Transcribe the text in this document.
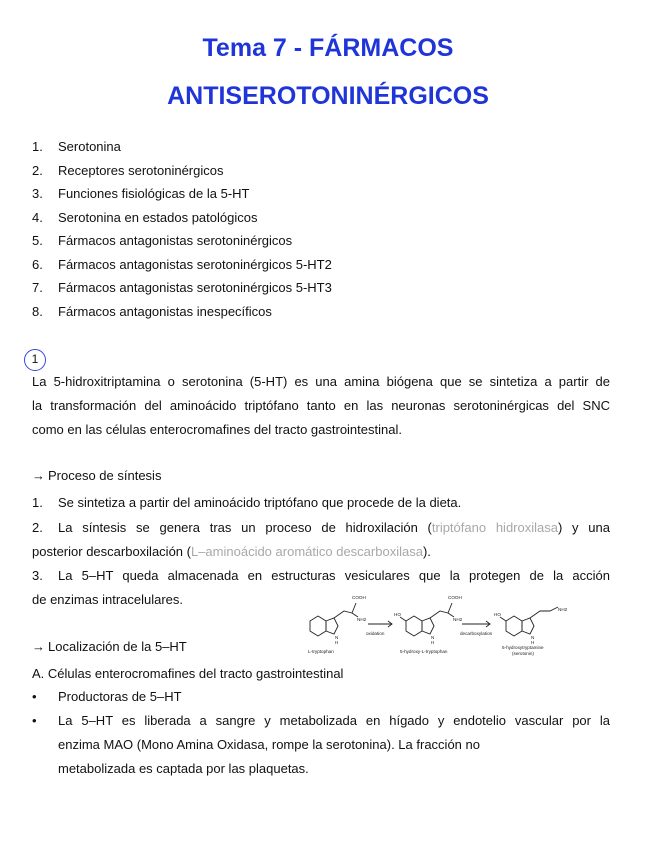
Tema 7 - FÁRMACOS
ANTISEROTONINÉRGICOS
1. Serotonina
2. Receptores serotoninérgicos
3. Funciones fisiológicas de la 5-HT
4. Serotonina en estados patológicos
5. Fármacos antagonistas serotoninérgicos
6. Fármacos antagonistas serotoninérgicos 5-HT2
7. Fármacos antagonistas serotoninérgicos 5-HT3
8. Fármacos antagonistas inespecíficos
1

La 5-hidroxitriptamina o serotonina (5-HT) es una amina biógena que se sintetiza a partir de

la transformación del aminoácido triptófano tanto en las neuronas serotoninérgicas del SNC

como en las células enterocromafines del tracto gastrointestinal.

→ Proceso de síntesis

1. Se sintetiza a partir del aminoácido triptófano que procede de la dieta.

2. La síntesis se genera tras un proceso de hidroxilación (triptófano hidroxilasa) y una

posterior descarboxilación (L–aminoácido aromático descarboxilasa).

3. La 5–HT queda almacenada en estructuras vesiculares que la protegen de la acción

de enzimas intracelulares.	COOH
NH2
N
H
COOH
NH2
HO
N
H
NH2
HO
N
H
oxidation	decarboxylation
L-tryptophan	5-hydroxy-L-tryptophan
5-hydroxytryptamine
(serotonin)

→ Localización de la 5–HT

A. Células enterocromafines del tracto gastrointestinal

• Productoras de 5–HT

• La 5–HT es liberada a sangre y metabolizada en hígado y endotelio vascular por la

enzima MAO (Mono Amina Oxidasa, rompe la serotonina). La fracción no

metabolizada es captada por las plaquetas.
